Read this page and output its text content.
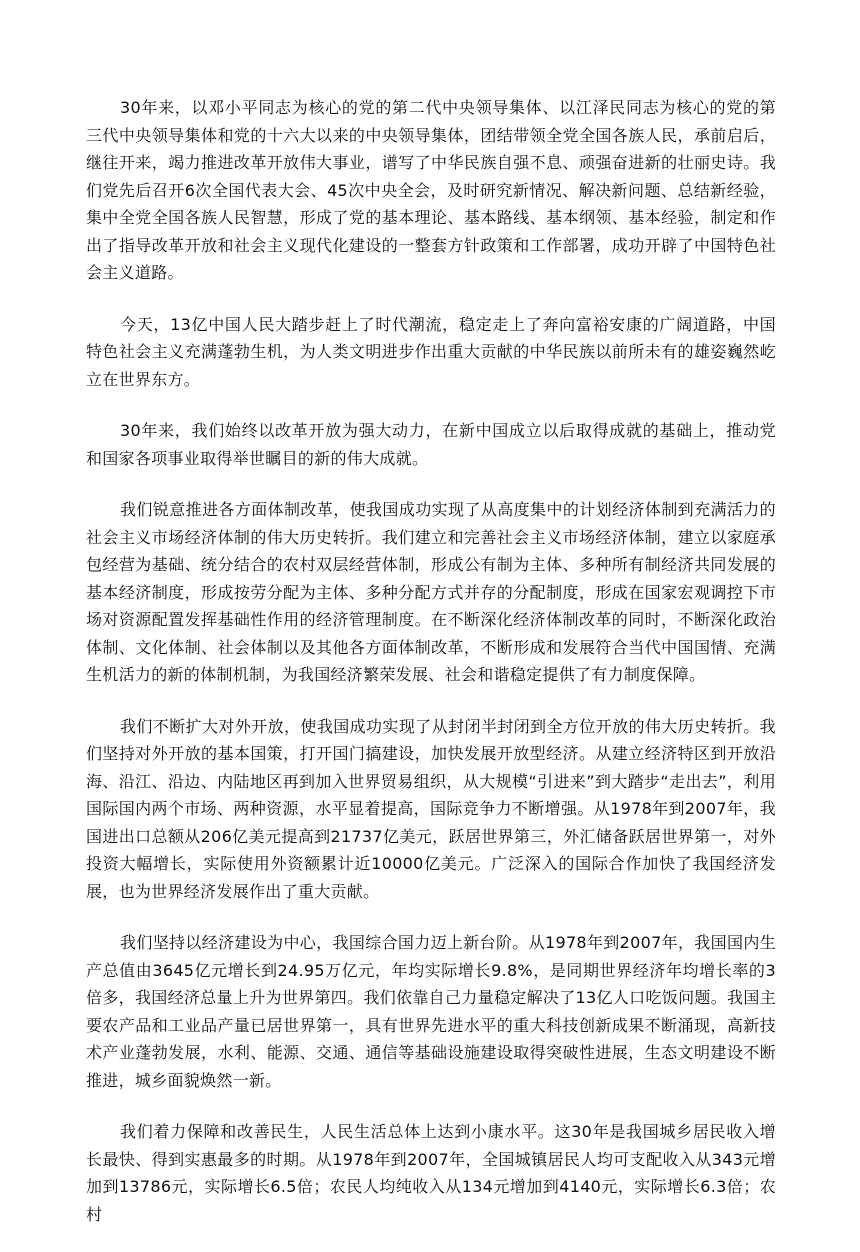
30年来，以邓小平同志为核心的党的第二代中央领导集体、以江泽民同志为核心的党的第三代中央领导集体和党的十六大以来的中央领导集体，团结带领全党全国各族人民，承前启后，继往开来，竭力推进改革开放伟大事业，谱写了中华民族自强不息、顽强奋进新的壮丽史诗。我们党先后召开6次全国代表大会、45次中央全会，及时研究新情况、解决新问题、总结新经验，集中全党全国各族人民智慧，形成了党的基本理论、基本路线、基本纲领、基本经验，制定和作出了指导改革开放和社会主义现代化建设的一整套方针政策和工作部署，成功开辟了中国特色社会主义道路。

今天，13亿中国人民大踏步赶上了时代潮流，稳定走上了奔向富裕安康的广阔道路，中国特色社会主义充满蓬勃生机，为人类文明进步作出重大贡献的中华民族以前所未有的雄姿巍然屹立在世界东方。

30年来，我们始终以改革开放为强大动力，在新中国成立以后取得成就的基础上，推动党和国家各项事业取得举世瞩目的新的伟大成就。

我们锐意推进各方面体制改革，使我国成功实现了从高度集中的计划经济体制到充满活力的社会主义市场经济体制的伟大历史转折。我们建立和完善社会主义市场经济体制，建立以家庭承包经营为基础、统分结合的农村双层经营体制，形成公有制为主体、多种所有制经济共同发展的基本经济制度，形成按劳分配为主体、多种分配方式并存的分配制度，形成在国家宏观调控下市场对资源配置发挥基础性作用的经济管理制度。在不断深化经济体制改革的同时，不断深化政治体制、文化体制、社会体制以及其他各方面体制改革，不断形成和发展符合当代中国国情、充满生机活力的新的体制机制，为我国经济繁荣发展、社会和谐稳定提供了有力制度保障。

我们不断扩大对外开放，使我国成功实现了从封闭半封闭到全方位开放的伟大历史转折。我们坚持对外开放的基本国策，打开国门搞建设，加快发展开放型经济。从建立经济特区到开放沿海、沿江、沿边、内陆地区再到加入世界贸易组织，从大规模“引进来”到大踏步“走出去”，利用国际国内两个市场、两种资源，水平显着提高，国际竞争力不断增强。从1978年到2007年，我国进出口总额从206亿美元提高到21737亿美元，跃居世界第三，外汇储备跃居世界第一，对外投资大幅增长，实际使用外资额累计近10000亿美元。广泛深入的国际合作加快了我国经济发展，也为世界经济发展作出了重大贡献。

我们坚持以经济建设为中心，我国综合国力迈上新台阶。从1978年到2007年，我国国内生产总值由3645亿元增长到24.95万亿元，年均实际增长9.8%，是同期世界经济年均增长率的3倍多，我国经济总量上升为世界第四。我们依靠自己力量稳定解决了13亿人口吃饭问题。我国主要农产品和工业品产量已居世界第一，具有世界先进水平的重大科技创新成果不断涌现，高新技术产业蓬勃发展，水利、能源、交通、通信等基础设施建设取得突破性进展，生态文明建设不断推进，城乡面貌焕然一新。

我们着力保障和改善民生，人民生活总体上达到小康水平。这30年是我国城乡居民收入增长最快、得到实惠最多的时期。从1978年到2007年，全国城镇居民人均可支配收入从343元增加到13786元，实际增长6.5倍；农民人均纯收入从134元增加到4140元，实际增长6.3倍；农村
